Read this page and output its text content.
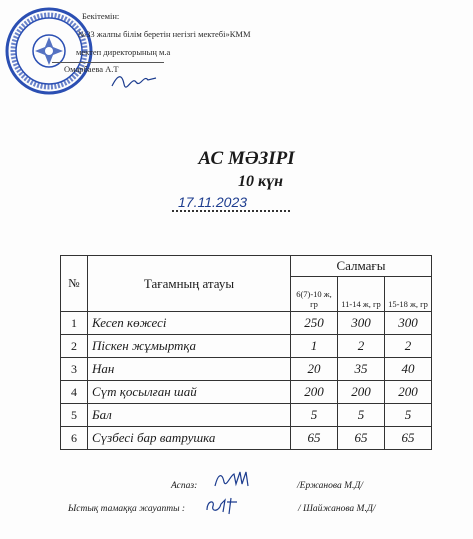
Бекітемін:
№33 жалпы білім беретін негізгі мектебі»КММ
мектеп директорының м.а
Омарбаева А.Т
АС МӘЗІРІ
10 күн
17.11.2023
№	Тағамның атауы	Салмағы		
		6(7)-10 ж, гр	11-14 ж, гр	15-18 ж, гр
1	Кесеп көжесі	250	300	300
2	Піскен жұмыртқа	1	2	2
3	Нан	20	35	40
4	Сүт қосылған шай	200	200	200
5	Бал	5	5	5
6	Сүзбесі бар ватрушка	65	65	65
Аспаз:	/Ержанова М.Д/
Ыстық тамаққа жауапты :	/ Шайжанова М.Д/
